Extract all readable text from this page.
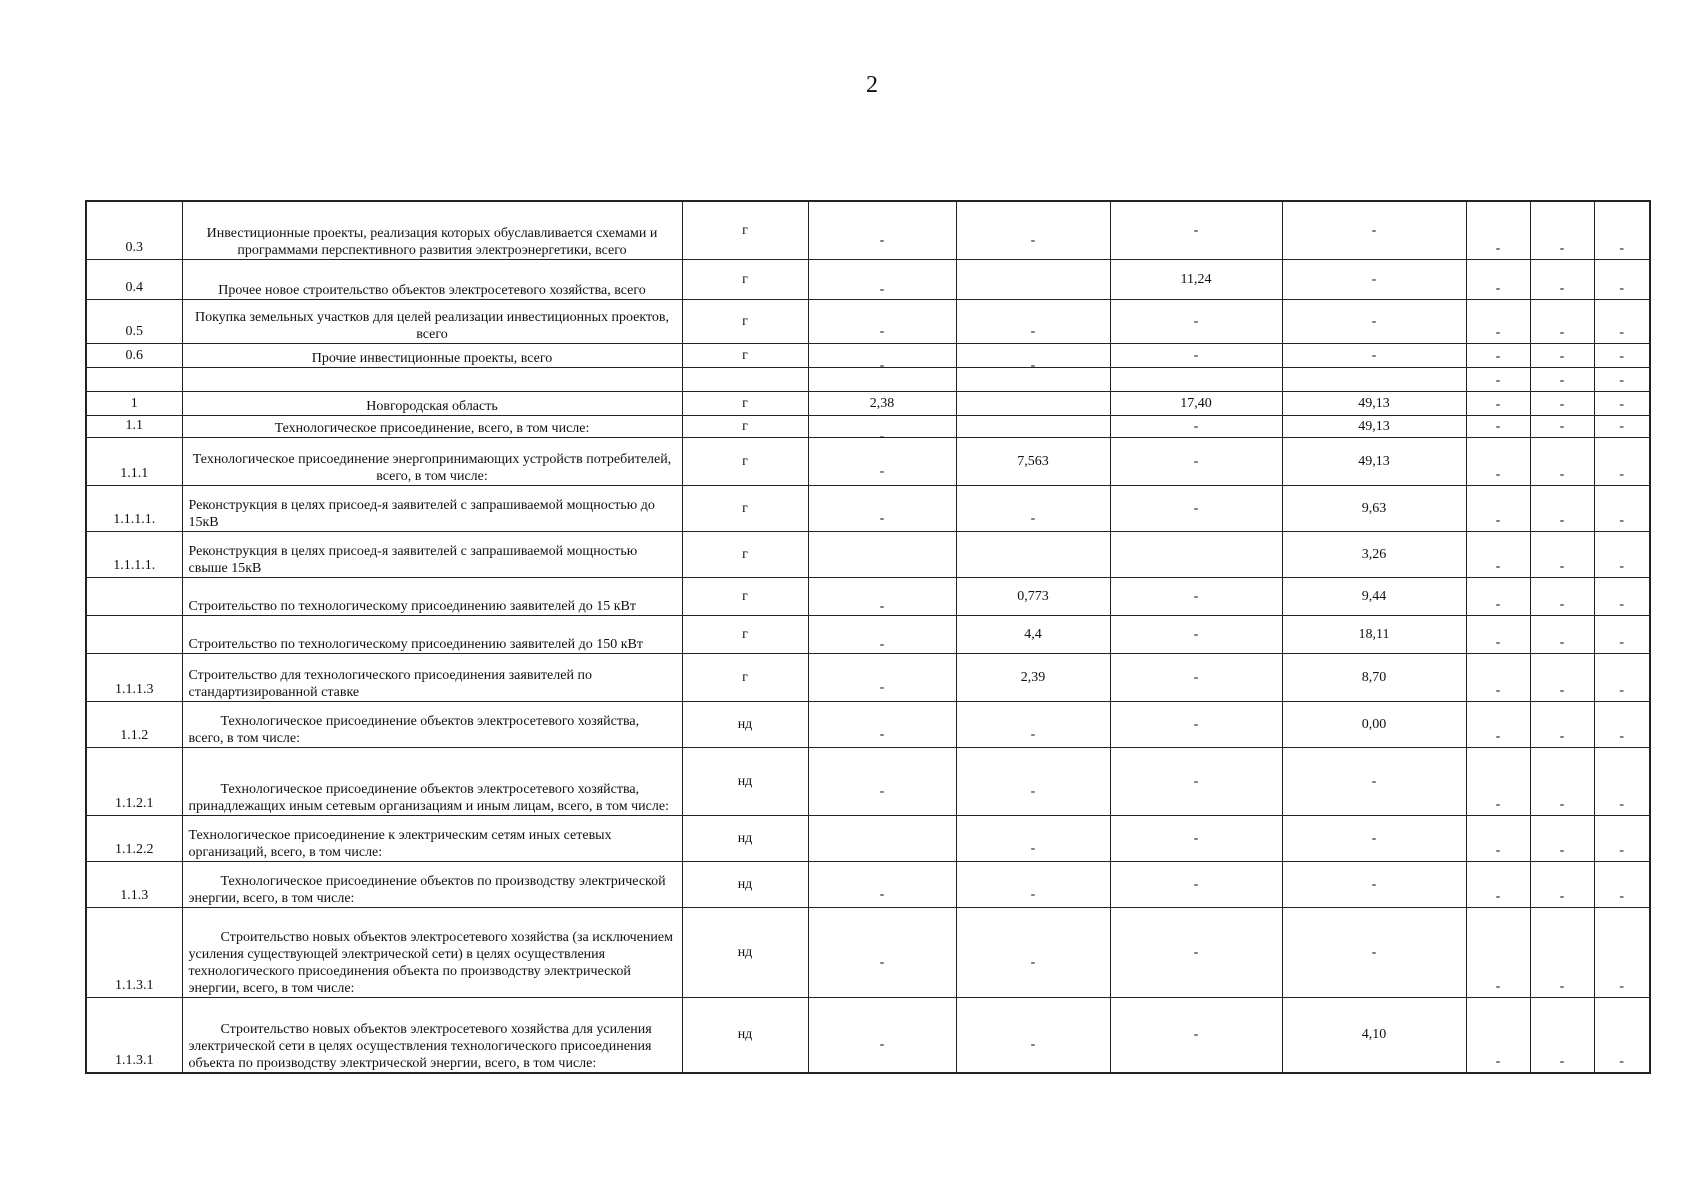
2
0.3	Инвестиционные проекты, реализация которых обуславливается схемами и программами перспективного развития электроэнергетики, всего	г	-	-	-	-	-	-	-
0.4	Прочее новое строительство объектов электросетевого хозяйства, всего	г	-		11,24	-	-	-	-
0.5	Покупка земельных участков для целей реализации инвестиционных проектов, всего	г	-	-	-	-	-	-	-
0.6	Прочие инвестиционные проекты, всего	г	-	-	-	-	-	-	-
							-	-	-
1	Новгородская область	г	2,38		17,40	49,13	-	-	-
1.1	Технологическое присоединение, всего, в том числе:	г	-		-	49,13	-	-	-
1.1.1	Технологическое присоединение энергопринимающих устройств потребителей, всего, в том числе:	г	-	7,563	-	49,13	-	-	-
1.1.1.1.	Реконструкция в целях присоед-я заявителей с запрашиваемой мощностью до 15кВ	г	-	-	-	9,63	-	-	-
1.1.1.1.	Реконструкция в целях присоед-я заявителей с запрашиваемой мощностью свыше 15кВ	г				3,26	-	-	-
	Строительство по технологическому присоединению заявителей до 15 кВт	г	-	0,773	-	9,44	-	-	-
	Строительство по технологическому присоединению заявителей до 150 кВт	г	-	4,4	-	18,11	-	-	-
1.1.1.3	Строительство для технологического присоединения заявителей по стандартизированной ставке	г	-	2,39	-	8,70	-	-	-
1.1.2	Технологическое присоединение объектов электросетевого хозяйства, всего, в том числе:	нд	-	-	-	0,00	-	-	-
1.1.2.1	Технологическое присоединение объектов электросетевого хозяйства, принадлежащих иным сетевым организациям и иным лицам, всего, в том числе:	нд	-	-	-	-	-	-	-
1.1.2.2	Технологическое присоединение к электрическим сетям иных сетевых организаций, всего, в том числе:	нд		-	-	-	-	-	-
1.1.3	Технологическое присоединение объектов по производству электрической энергии, всего, в том числе:	нд	-	-	-	-	-	-	-
1.1.3.1	Строительство новых объектов электросетевого хозяйства (за исключением усиления существующей электрической сети) в целях осуществления технологического присоединения объекта по производству электрической энергии, всего, в том числе:	нд	-	-	-	-	-	-	-
1.1.3.1	Строительство новых объектов электросетевого хозяйства для усиления электрической сети в целях осуществления технологического присоединения объекта по производству электрической энергии, всего, в том числе:	нд	-	-	-	4,10	-	-	-
